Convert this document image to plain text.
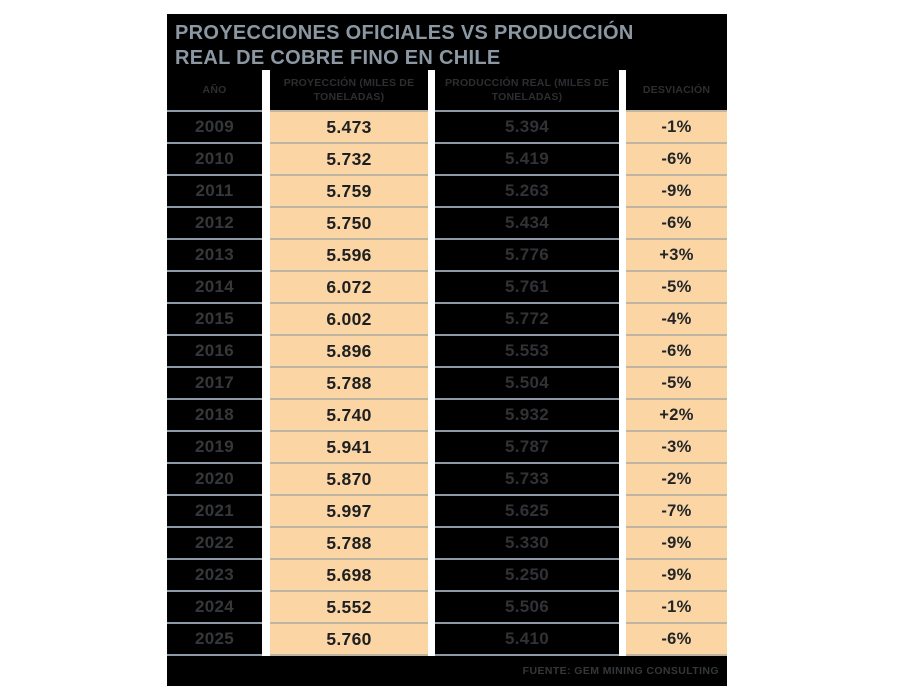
PROYECCIONES OFICIALES VS PRODUCCIÓN
REAL DE COBRE FINO EN CHILE
AÑO
2009
2010
2011
2012
2013
2014
2015
2016
2017
2018
2019
2020
2021
2022
2023
2024
2025
PROYECCIÓN (MILES DE TONELADAS)
5.473
5.732
5.759
5.750
5.596
6.072
6.002
5.896
5.788
5.740
5.941
5.870
5.997
5.788
5.698
5.552
5.760
PRODUCCIÓN REAL (MILES DE TONELADAS)
5.394
5.419
5.263
5.434
5.776
5.761
5.772
5.553
5.504
5.932
5.787
5.733
5.625
5.330
5.250
5.506
5.410
DESVIACIÓN
-1%
-6%
-9%
-6%
+3%
-5%
-4%
-6%
-5%
+2%
-3%
-2%
-7%
-9%
-9%
-1%
-6%
FUENTE: GEM MINING CONSULTING
